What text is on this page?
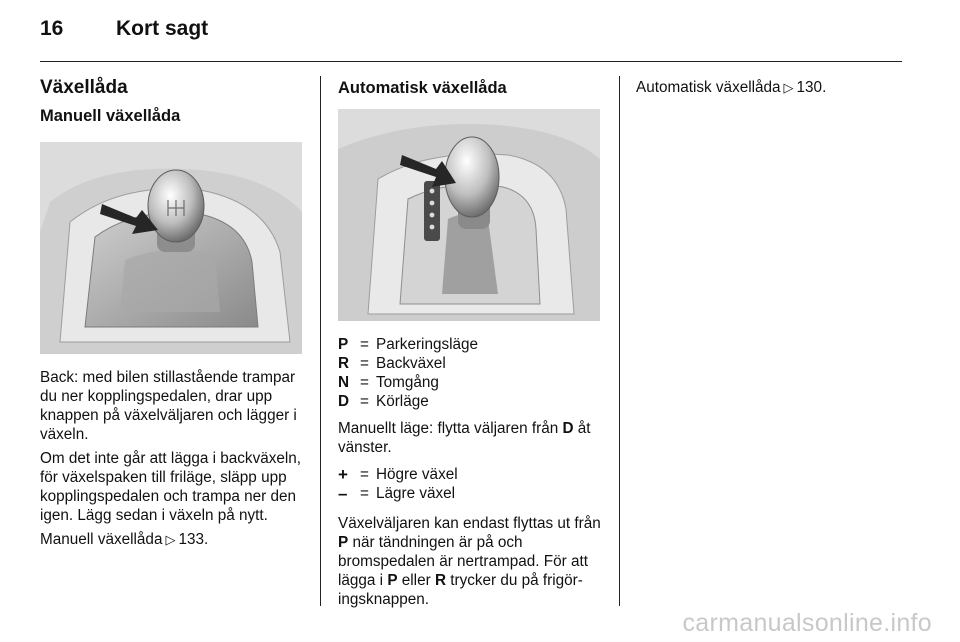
16	Kort sagt
Växellåda
Manuell växellåda

Back: med bilen stillastående trampar du ner kopplingspedalen, drar upp knappen på växelväljaren och lägger i växeln.

Om det inte går att lägga i backväxeln, för växelspaken till friläge, släpp upp kopplingspedalen och trampa ner den igen. Lägg sedan i växeln på nytt.

Manuell växellåda ▷ 133.

Automatisk växellåda
P = Parkeringsläge
R = Backväxel
N = Tomgång
D = Körläge

Manuellt läge: flytta väljaren från D åt vänster.

+ = Högre växel
– = Lägre växel

Växelväljaren kan endast flyttas ut från P när tändningen är på och bromspedalen är nertrampad. För att lägga i P eller R trycker du på frigöringsknappen.

Automatisk växellåda ▷ 130.

carmanualsonline.info
